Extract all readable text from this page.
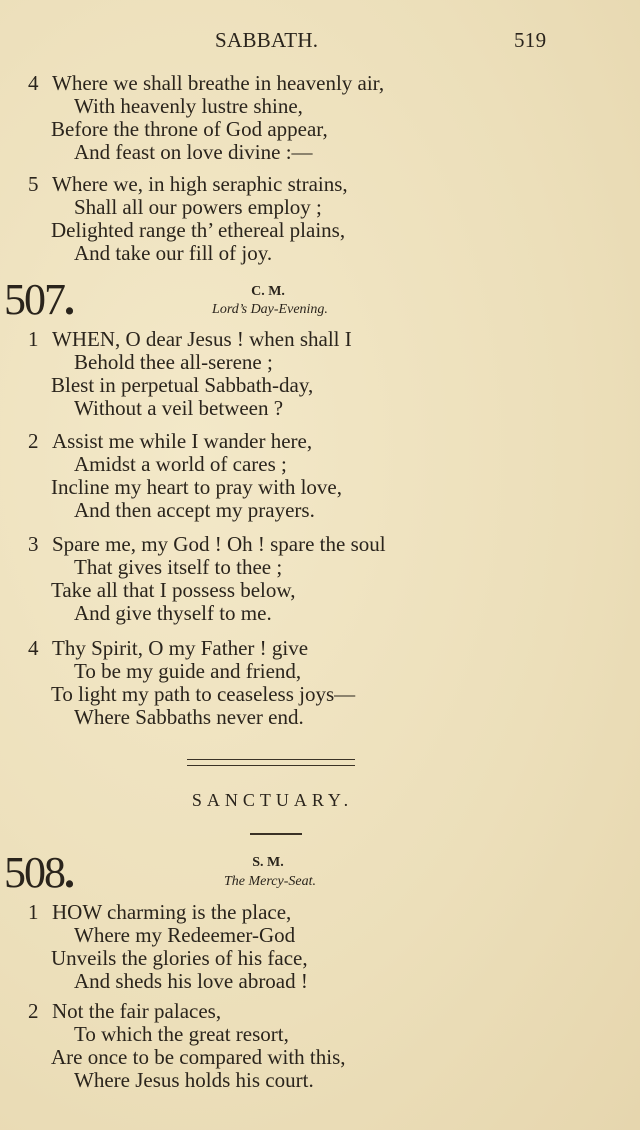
SABBATH.	519
4 Where we shall breathe in heavenly air,
With heavenly lustre shine,
Before the throne of God appear,
And feast on love divine :—
5 Where we, in high seraphic strains,
Shall all our powers employ ;
Delighted range th’ ethereal plains,
And take our fill of joy.
507.	C. M.
Lord’s Day-Evening.
1 WHEN, O dear Jesus ! when shall I
Behold thee all-serene ;
Blest in perpetual Sabbath-day,
Without a veil between ?
2 Assist me while I wander here,
Amidst a world of cares ;
Incline my heart to pray with love,
And then accept my prayers.
3 Spare me, my God ! Oh ! spare the soul
That gives itself to thee ;
Take all that I possess below,
And give thyself to me.
4 Thy Spirit, O my Father ! give
To be my guide and friend,
To light my path to ceaseless joys—
Where Sabbaths never end.
SANCTUARY.
508.	S. M.
The Mercy-Seat.
1 HOW charming is the place,
Where my Redeemer-God
Unveils the glories of his face,
And sheds his love abroad !
2 Not the fair palaces,
To which the great resort,
Are once to be compared with this,
Where Jesus holds his court.
